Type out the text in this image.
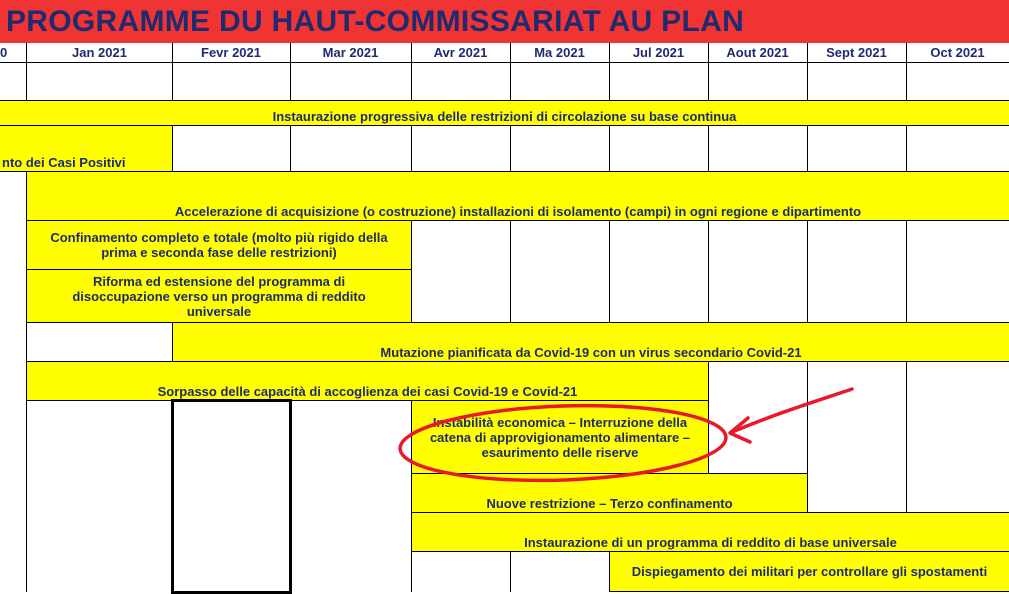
PROGRAMME DU HAUT-COMMISSARIAT AU PLAN
0	Jan 2021	Fevr 2021	Mar 2021	Avr 2021	Ma 2021	Jul 2021	Aout 2021	Sept 2021	Oct 2021
Instaurazione progressiva delle restrizioni di circolazione su base continua
nto dei Casi Positivi
Accelerazione di acquisizione (o costruzione) installazioni di isolamento (campi) in ogni regione e dipartimento
Confinamento completo e totale (molto più rigido della prima e seconda fase delle restrizioni)
Riforma ed estensione del programma di disoccupazione verso un programma di reddito universale
Mutazione pianificata da Covid-19 con un virus secondario Covid-21
Sorpasso delle capacità di accoglienza dei casi Covid-19 e Covid-21
Instabilità economica – Interruzione della catena di approvigionamento alimentare – esaurimento delle riserve
Nuove restrizione – Terzo confinamento
Instaurazione di un programma di reddito di base universale
Dispiegamento dei militari per controllare gli spostamenti
